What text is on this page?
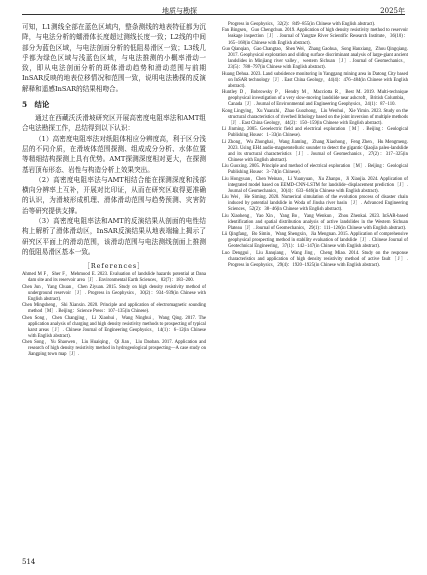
地质与勘探	2025年

可知，L1测线全部在蓝色区域内，整条测线的地表特征都为沉降，与电法分析的蠕滑体长度超过测线长度一致；L2线的中间部分为蓝色区域，与电法剖面分析的低阻易滑区一致；L3线几乎都为绿色区域与浅蓝色区域，与电法推测的小概率滑动一致，即从电法剖面分析的斑体滑动趋势和滑动范围与前期InSAR反映的地表位移情况和范围一致，说明电法勘探的反演解释和遥感InSAR的结果相吻合。

5　结论

通过在西藏沃沃滑坡研究区开展高密度电阻率法和AMT组合电法勘探工作，总结得到以下认识：

（1）高密度电阻率法对纸阻体相应分辨度高，利于区分浅层的不同介质，在滑坡体范围探测、组成成分分析、水体位置等精细结构探测上具有优势。AMT探测深度相对更大，在探测基岩顶布形态、岩性与构造分析上效果突出。

（2）高密度电阻率法与AMT相结合能在探测深度和浅部横向分辨率上互补，开展对比印证，从而在研究区取得更准确的认识，为滑坡形成机理、滑体滑动范围与趋势预测、灾害防治等研究提供支撑。

（3）高密度电阻率法和AMT的反演结果从剖面的电性结构上解析了滑体滑动区，InSAR反演结果从地表端输上揭示了研究区平面上的滑动范围，该滑动范围与电法测线剖面上推测的低阻易滑区基本一致。

［References］

Ahmed M F，Sher F，Mehmood E. 2023. Evaluation of landslide hazards potential at Dana dam site and its reservoir area［J］. Environmental Earth Sciences，82(7)：183−200.

Chen Jun，Yang Chuan，Chen Ziyuan. 2015. Study on high density resistivity method of underground reservoir［J］. Progress in Geophysics，30(2)：934−939(in Chinese with English abstract).

Chen Mingsheng，Shi Xianxin. 2020. Principle and application of electromagnetic sounding method［M］. Beijing：Science Press：107−135(in Chinese).

Chen Song，Chen Changjing，Li Xiaohui，Wang Ninghui，Wang Qing. 2017. The application analysis of charging and high density resistivity methods to prospecting of typical karst areas［J］. Chinese Journal of Engineering Geophysics，14(1)：6−12(in Chinese with English abstract).

Chen Song，Yu Shaowen，Liu Huaiqing，Qi Jian，Liu Daoban. 2017. Application and research of high density resistivity method in hydrogeological prospecting—A case study on Jiangping town map［J］.

Progress in Geophysics，32(2)：849−855(in Chinese with English abstract).

Fan Bingsen，Guo Chengchun. 2019. Application of high density resistivity method to reservoir leakage inspection［J］. Journal of Yangtze River Scientific Research Institute，36(10)：165−168(in Chinese with English abstract).

Guo Qianqian，Gao Changtao，Shen Wei，Zhang Gaohua，Song Hanxiang，Zhou Qingqiang. 2017. Geophysical exploration and sliding surface discriminant analysis of large-giant ancient landslides in Minjiang river valley，western Sichuan［J］. Journal of Geomechanics，23(5)：788−797(in Chinese with English abstract).

Huang Dehua. 2023. Land subsidence monitoring in Yanggang mining area in Datong City based on InSAR technology［J］. East China Geology，44(4)：476−484(in Chinese with English abstract).

Huntley D，Bobrowsky P，Hendry M，Macciotta R，Best M. 2019. Multi-technique geophysical investigation of a very slow-moving landslide near ashcroft，British Columbia，Canada［J］. Journal of Environmental and Engineering Geophysics，24(1)：87−110.

Kong Lingying，Xu Yuanzhi，Zhao Guozhong，Liu Wenhui，Xie Yimin. 2023. Study on the structural characteristics of riverbed lithology based on the joint inversion of multiple methods［J］. East China Geology，44(2)：150−159(in Chinese with English abstract).

Li Jinming. 2005. Geoelectric field and electrical exploration［M］. Beijing：Geological Publishing House：1−33(in Chinese).

Li Zhong，Wu Zhonghai，Wang Jiaming，Zhang Xiaohong，Feng Zhen，Hu Mengmeng. 2023. Using EH4 audio-magnetotelluric sounder to detect the gigantic Qiaojia paleo-landslide and its structural characteristics［J］. Journal of Geomechanics，27(2)：317−325(in Chinese with English abstract).

Liu Guoxing. 2005. Principle and method of electrical exploration［M］. Beijing：Geological Publishing House：3−74(in Chinese).

Liu Hongyuan，Chen Weinan，Li Yuanyuan，Xu Zhanpu，Ji Xiaojia. 2024. Application of integrated model based on EEMD-CNN-LSTM for landslide−displacement prediction［J］. Journal of Geomechanics，30(4)：633−646(in Chinese with English abstract).

Liu Wei，He Siming. 2020. Numerical simulation of the evolution process of disaster chain induced by potential landslide in Woda of Jinsha river basin［J］. Advanced Engineering Sciences，52(2)：38−46(in Chinese with English abstract).

Liu Xiaoheng，Yao Xin，Yang Bo，Yang Wenkun，Zhou Zhenkai. 2023. InSAR-based identification and spatial distribution analysis of active landslides in the Western Sichuan Plateau［J］. Journal of Geomechanics，29(1)：111−126(in Chinese with English abstract).

Lü Qingfang，Bo Simin，Wang Shengxin，Jia Mengnan. 2015. Application of comprehensive geophysical prospecting method in stability evaluation of landslide［J］. Chinese Journal of Geotechnical Engineering，37(1)：142−147(in Chinese with English abstract).

Luo Denggui，Liu Jianqiang，Wang Jing，Cheng Miao. 2014. Study on the response characteristics and application of high density resistivity method of active fault［J］. Progress in Geophysics，29(4)：1920−1925(in Chinese with English abstract).

514
